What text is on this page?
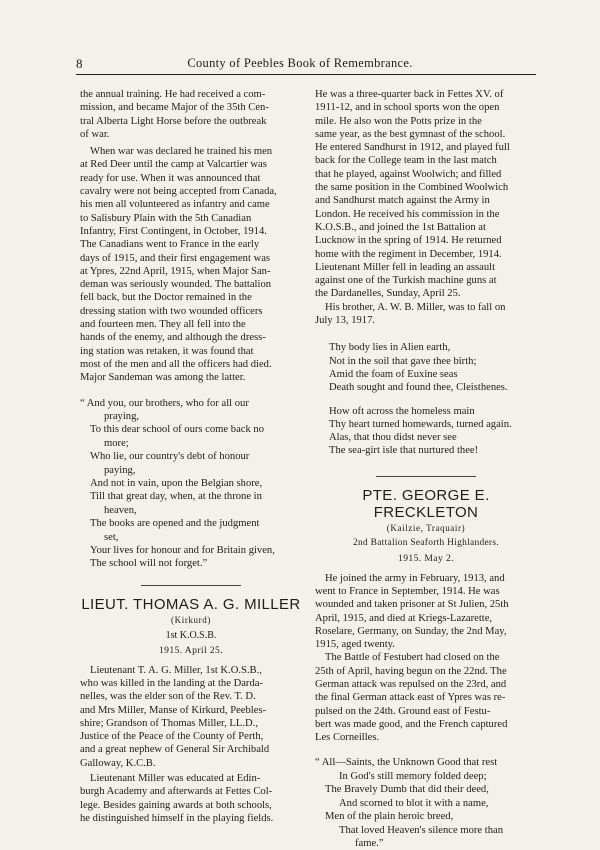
8	County of Peebles Book of Remembrance.
the annual training. He had received a com-
mission, and became Major of the 35th Cen-
tral Alberta Light Horse before the outbreak
of war.
When war was declared he trained his men
at Red Deer until the camp at Valcartier was
ready for use. When it was announced that
cavalry were not being accepted from Canada,
his men all volunteered as infantry and came
to Salisbury Plain with the 5th Canadian
Infantry, First Contingent, in October, 1914.
The Canadians went to France in the early
days of 1915, and their first engagement was
at Ypres, 22nd April, 1915, when Major San-
deman was seriously wounded. The battalion
fell back, but the Doctor remained in the
dressing station with two wounded officers
and fourteen men. They all fell into the
hands of the enemy, and although the dress-
ing station was retaken, it was found that
most of the men and all the officers had died.
Major Sandeman was among the latter.
“ And you, our brothers, who for all our
praying,
To this dear school of ours come back no
more;
Who lie, our country's debt of honour
paying,
And not in vain, upon the Belgian shore,
Till that great day, when, at the throne in
heaven,
The books are opened and the judgment
set,
Your lives for honour and for Britain given,
The school will not forget.”
LIEUT. THOMAS A. G. MILLER
(Kirkurd)
1st K.O.S.B.
1915. April 25.
Lieutenant T. A. G. Miller, 1st K.O.S.B.,
who was killed in the landing at the Darda-
nelles, was the elder son of the Rev. T. D.
and Mrs Miller, Manse of Kirkurd, Peebles-
shire; Grandson of Thomas Miller, LL.D.,
Justice of the Peace of the County of Perth,
and a great nephew of General Sir Archibald
Galloway, K.C.B.
Lieutenant Miller was educated at Edin-
burgh Academy and afterwards at Fettes Col-
lege. Besides gaining awards at both schools,
he distinguished himself in the playing fields.
He was a three-quarter back in Fettes XV. of
1911-12, and in school sports won the open
mile. He also won the Potts prize in the
same year, as the best gymnast of the school.
He entered Sandhurst in 1912, and played full
back for the College team in the last match
that he played, against Woolwich; and filled
the same position in the Combined Woolwich
and Sandhurst match against the Army in
London. He received his commission in the
K.O.S.B., and joined the 1st Battalion at
Lucknow in the spring of 1914. He returned
home with the regiment in December, 1914.
Lieutenant Miller fell in leading an assault
against one of the Turkish machine guns at
the Dardanelles, Sunday, April 25.
His brother, A. W. B. Miller, was to fall on
July 13, 1917.
Thy body lies in Alien earth,
Not in the soil that gave thee birth;
Amid the foam of Euxine seas
Death sought and found thee, Cleisthenes.
How oft across the homeless main
Thy heart turned homewards, turned again.
Alas, that thou didst never see
The sea-girt isle that nurtured thee!
PTE. GEORGE E. FRECKLETON
(Kailzie, Traquair)
2nd Battalion Seaforth Highlanders.
1915. May 2.
He joined the army in February, 1913, and
went to France in September, 1914. He was
wounded and taken prisoner at St Julien, 25th
April, 1915, and died at Kriegs-Lazarette,
Roselare, Germany, on Sunday, the 2nd May,
1915, aged twenty.
The Battle of Festubert had closed on the
25th of April, having begun on the 22nd. The
German attack was repulsed on the 23rd, and
the final German attack east of Ypres was re-
pulsed on the 24th. Ground east of Festu-
bert was made good, and the French captured
Les Corneilles.
“ All—Saints, the Unknown Good that rest
In God's still memory folded deep;
The Bravely Dumb that did their deed,
And scorned to blot it with a name,
Men of the plain heroic breed,
That loved Heaven's silence more than
fame.”
